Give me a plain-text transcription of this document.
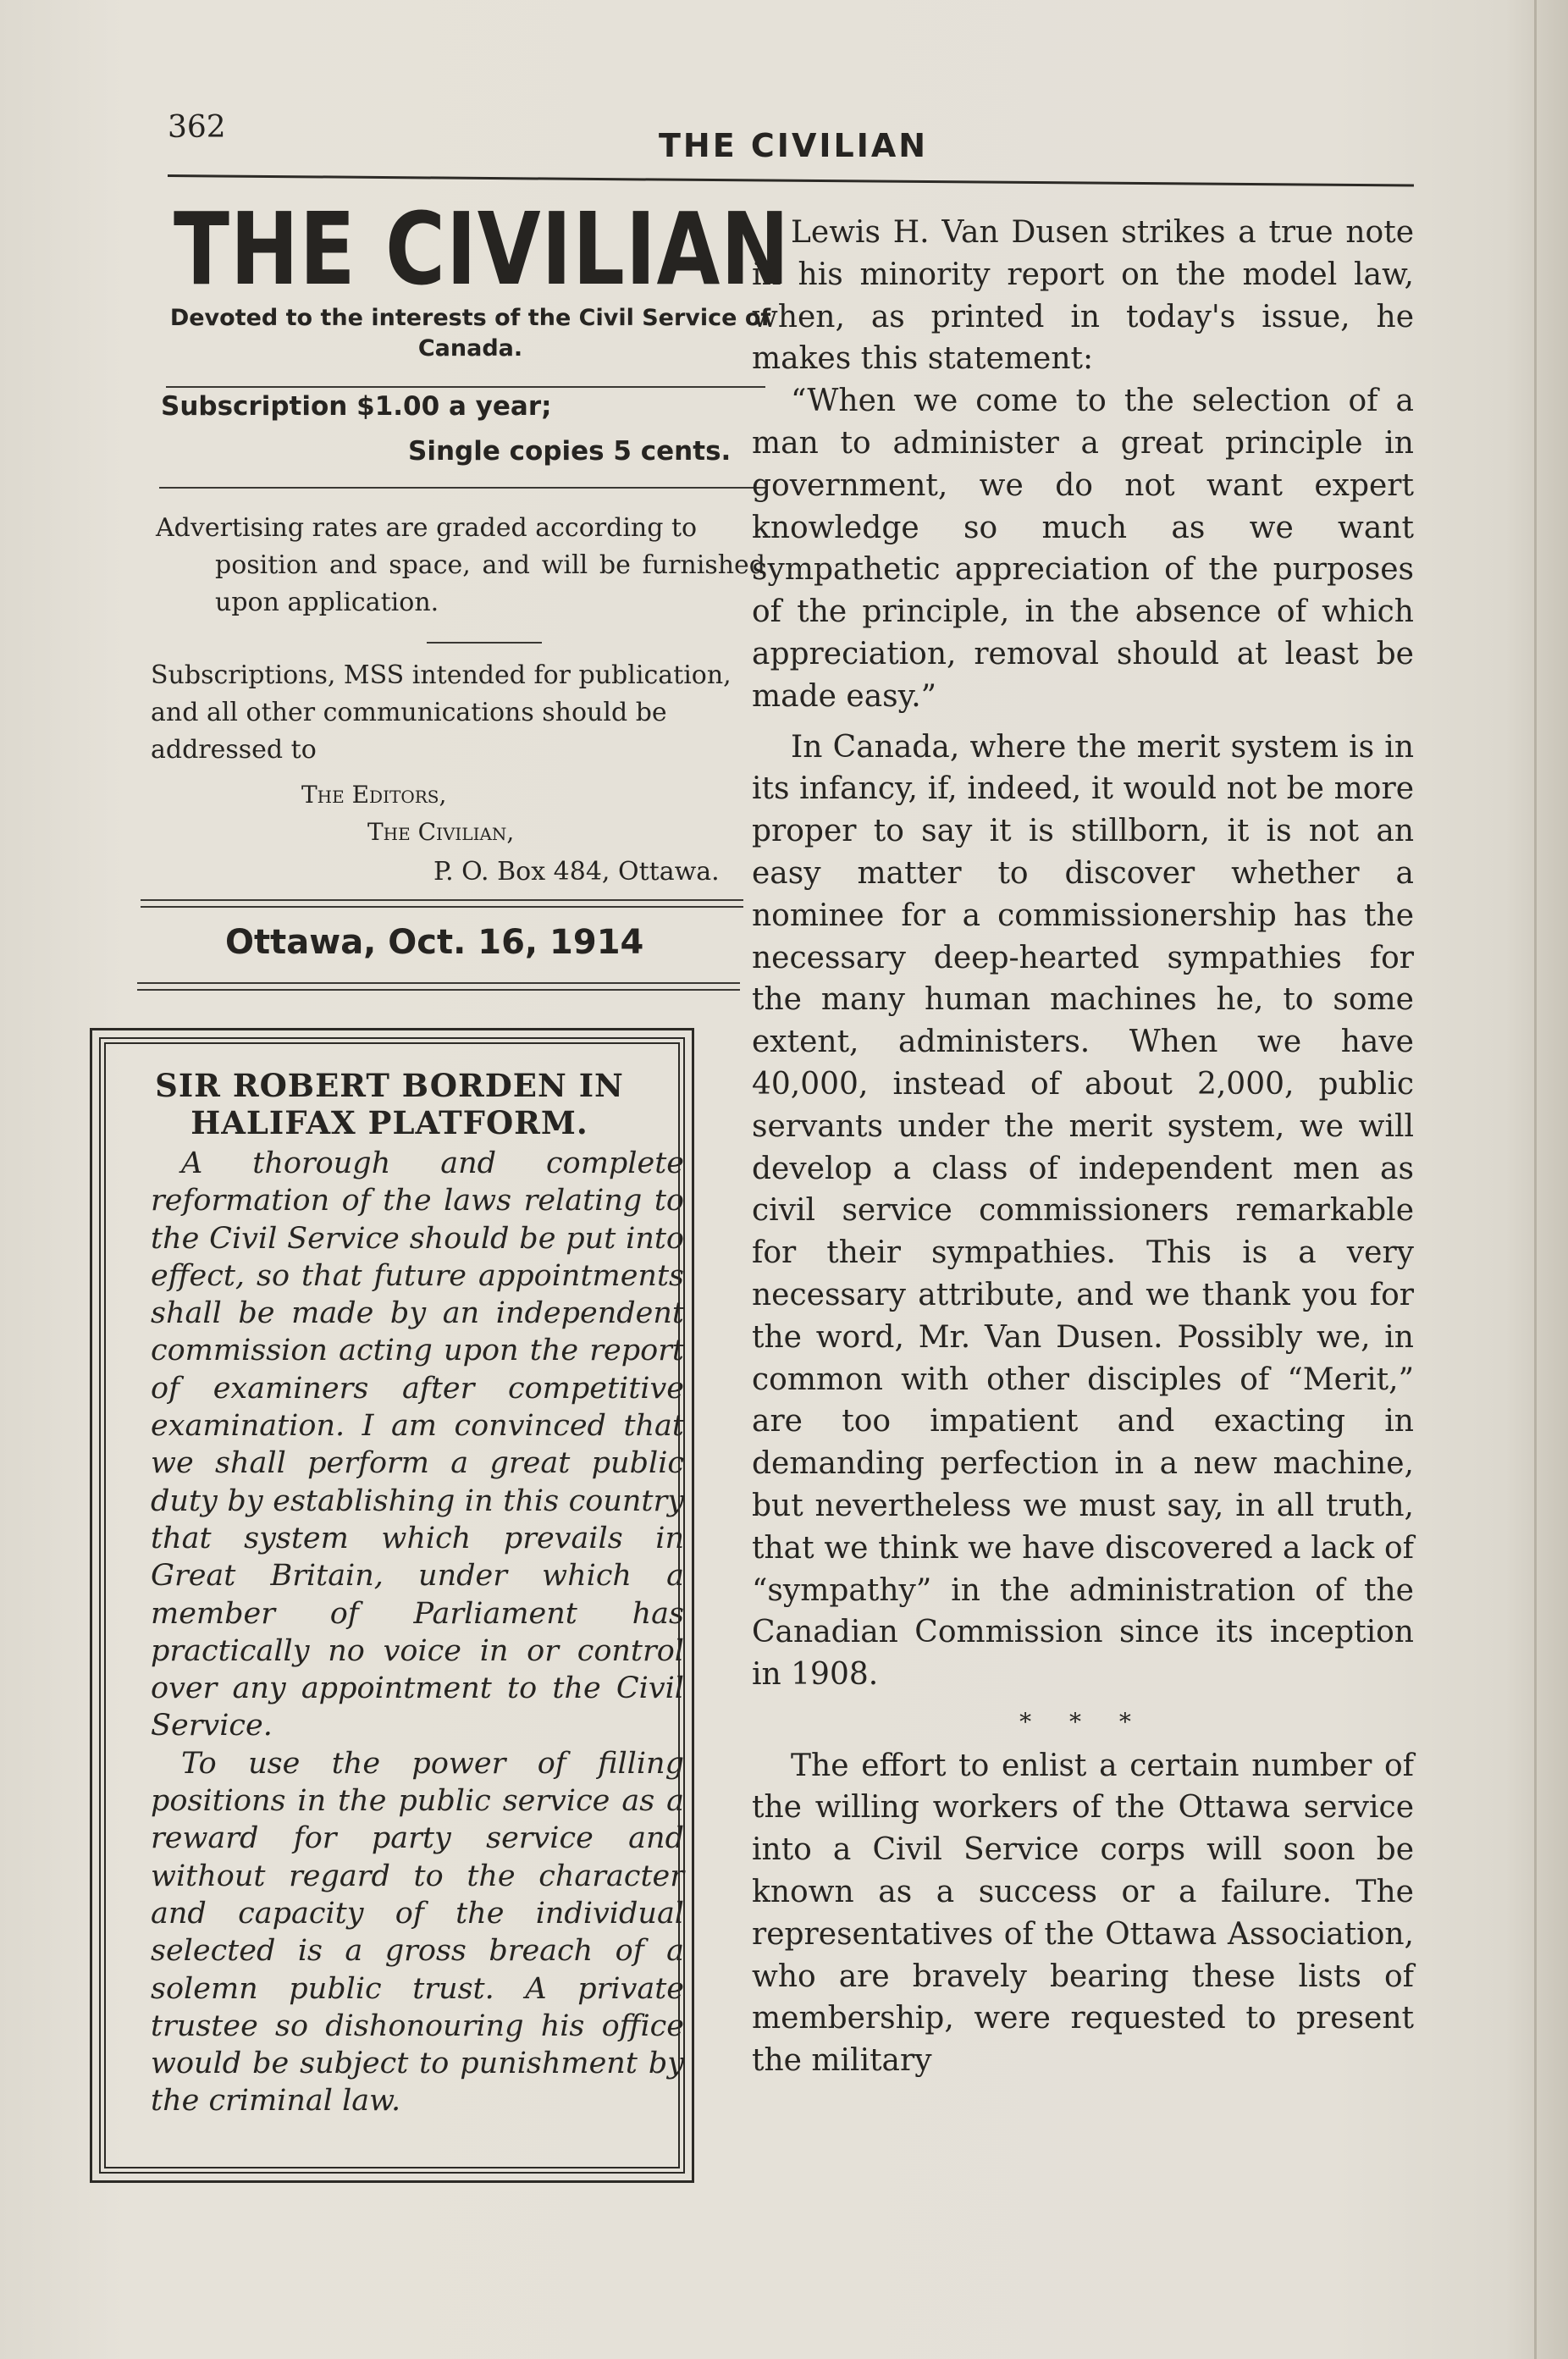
362	THE CIVILIAN
THE CIVILIAN
Devoted to the interests of the Civil Service of Canada.
Subscription $1.00 a year;
Single copies 5 cents.
Advertising rates are graded according to
position and space, and will be furnished upon application.
Subscriptions, MSS intended for publication, and all other communications should be addressed to
The Editors,
The Civilian,
P. O. Box 484, Ottawa.
Ottawa, Oct. 16, 1914
SIR ROBERT BORDEN IN
HALIFAX PLATFORM.

A thorough and complete reformation of the laws relating to the Civil Service should be put into effect, so that future appointments shall be made by an independent commission acting upon the report of examiners after competitive examination. I am convinced that we shall perform a great public duty by establishing in this country that system which prevails in Great Britain, under which a member of Parliament has practically no voice in or control over any appointment to the Civil Service.

To use the power of filling positions in the public service as a reward for party service and without regard to the character and capacity of the individual selected is a gross breach of a solemn public trust. A private trustee so dishonouring his office would be subject to punishment by the criminal law.

Lewis H. Van Dusen strikes a true note in his minority report on the model law, when, as printed in today's issue, he makes this statement:

“When we come to the selection of a man to administer a great principle in government, we do not want expert knowledge so much as we want sympathetic appreciation of the purposes of the principle, in the absence of which appreciation, removal should at least be made easy.”

In Canada, where the merit system is in its infancy, if, indeed, it would not be more proper to say it is stillborn, it is not an easy matter to discover whether a nominee for a commissionership has the necessary deep-hearted sympathies for the many human machines he, to some extent, administers. When we have 40,000, instead of about 2,000, public servants under the merit system, we will develop a class of independent men as civil service commissioners remarkable for their sympathies. This is a very necessary attribute, and we thank you for the word, Mr. Van Dusen. Possibly we, in common with other disciples of “Merit,” are too impatient and exacting in demanding perfection in a new machine, but nevertheless we must say, in all truth, that we think we have discovered a lack of “sympathy” in the administration of the Canadian Commission since its inception in 1908.

* * *

The effort to enlist a certain number of the willing workers of the Ottawa service into a Civil Service corps will soon be known as a success or a failure. The representatives of the Ottawa Association, who are bravely bearing these lists of membership, were requested to present the military
